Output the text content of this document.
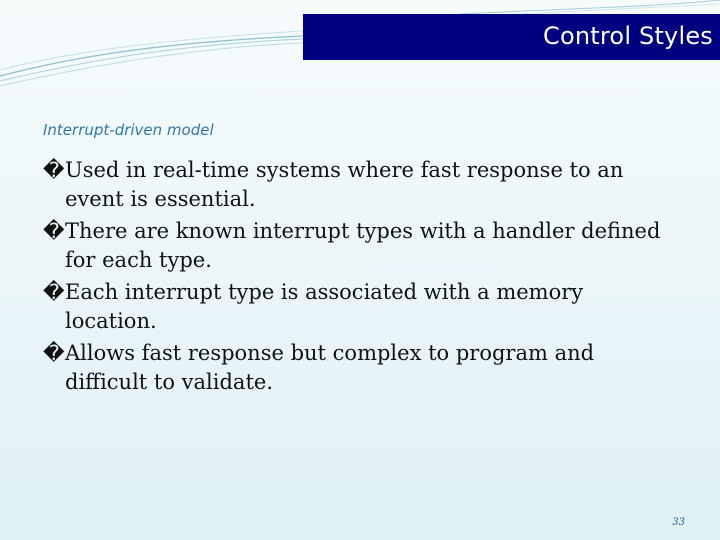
Control Styles
Interrupt-driven model
� Used in real-time systems where fast response to an event is essential.
� There are known interrupt types with a handler defined for each type.
� Each interrupt type is associated with a memory location.
� Allows fast response but complex to program and difficult to validate.
33
